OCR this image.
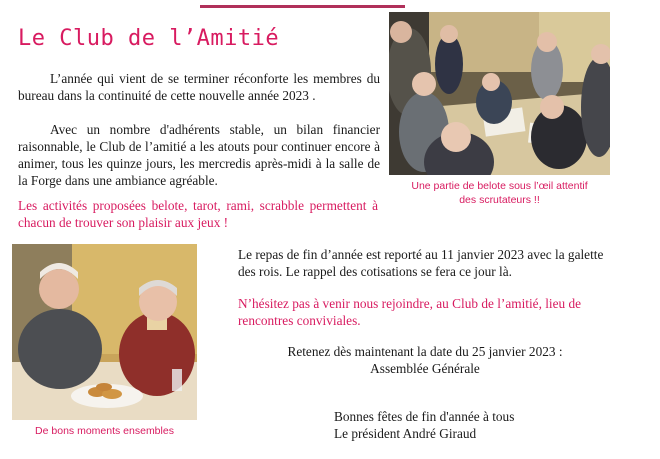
Le Club de l’Amitié

L’année qui vient de se terminer réconforte les membres du bureau dans la continuité de cette nouvelle année 2023 .

Avec un nombre d'adhérents stable, un bilan financier raisonnable, le Club de l’amitié a les atouts pour continuer encore à animer, tous les quinze jours, les mercredis après-midi à la salle de la Forge dans une ambiance agréable.

Les activités proposées belote, tarot, rami, scrabble permettent à chacun de trouver son plaisir aux jeux !

Une partie de belote sous l’œil attentif

des scrutateurs !!

De bons moments ensembles

Le repas de fin d’année est reporté au 11 janvier 2023 avec la galette des rois. Le rappel des cotisations se fera ce jour là.

N’hésitez pas à venir nous rejoindre, au Club de l’amitié, lieu de rencontres conviviales.

Retenez dès maintenant la date du 25 janvier 2023 :

Assemblée Générale

Bonnes fêtes de fin d'année à tous

Le président André Giraud
